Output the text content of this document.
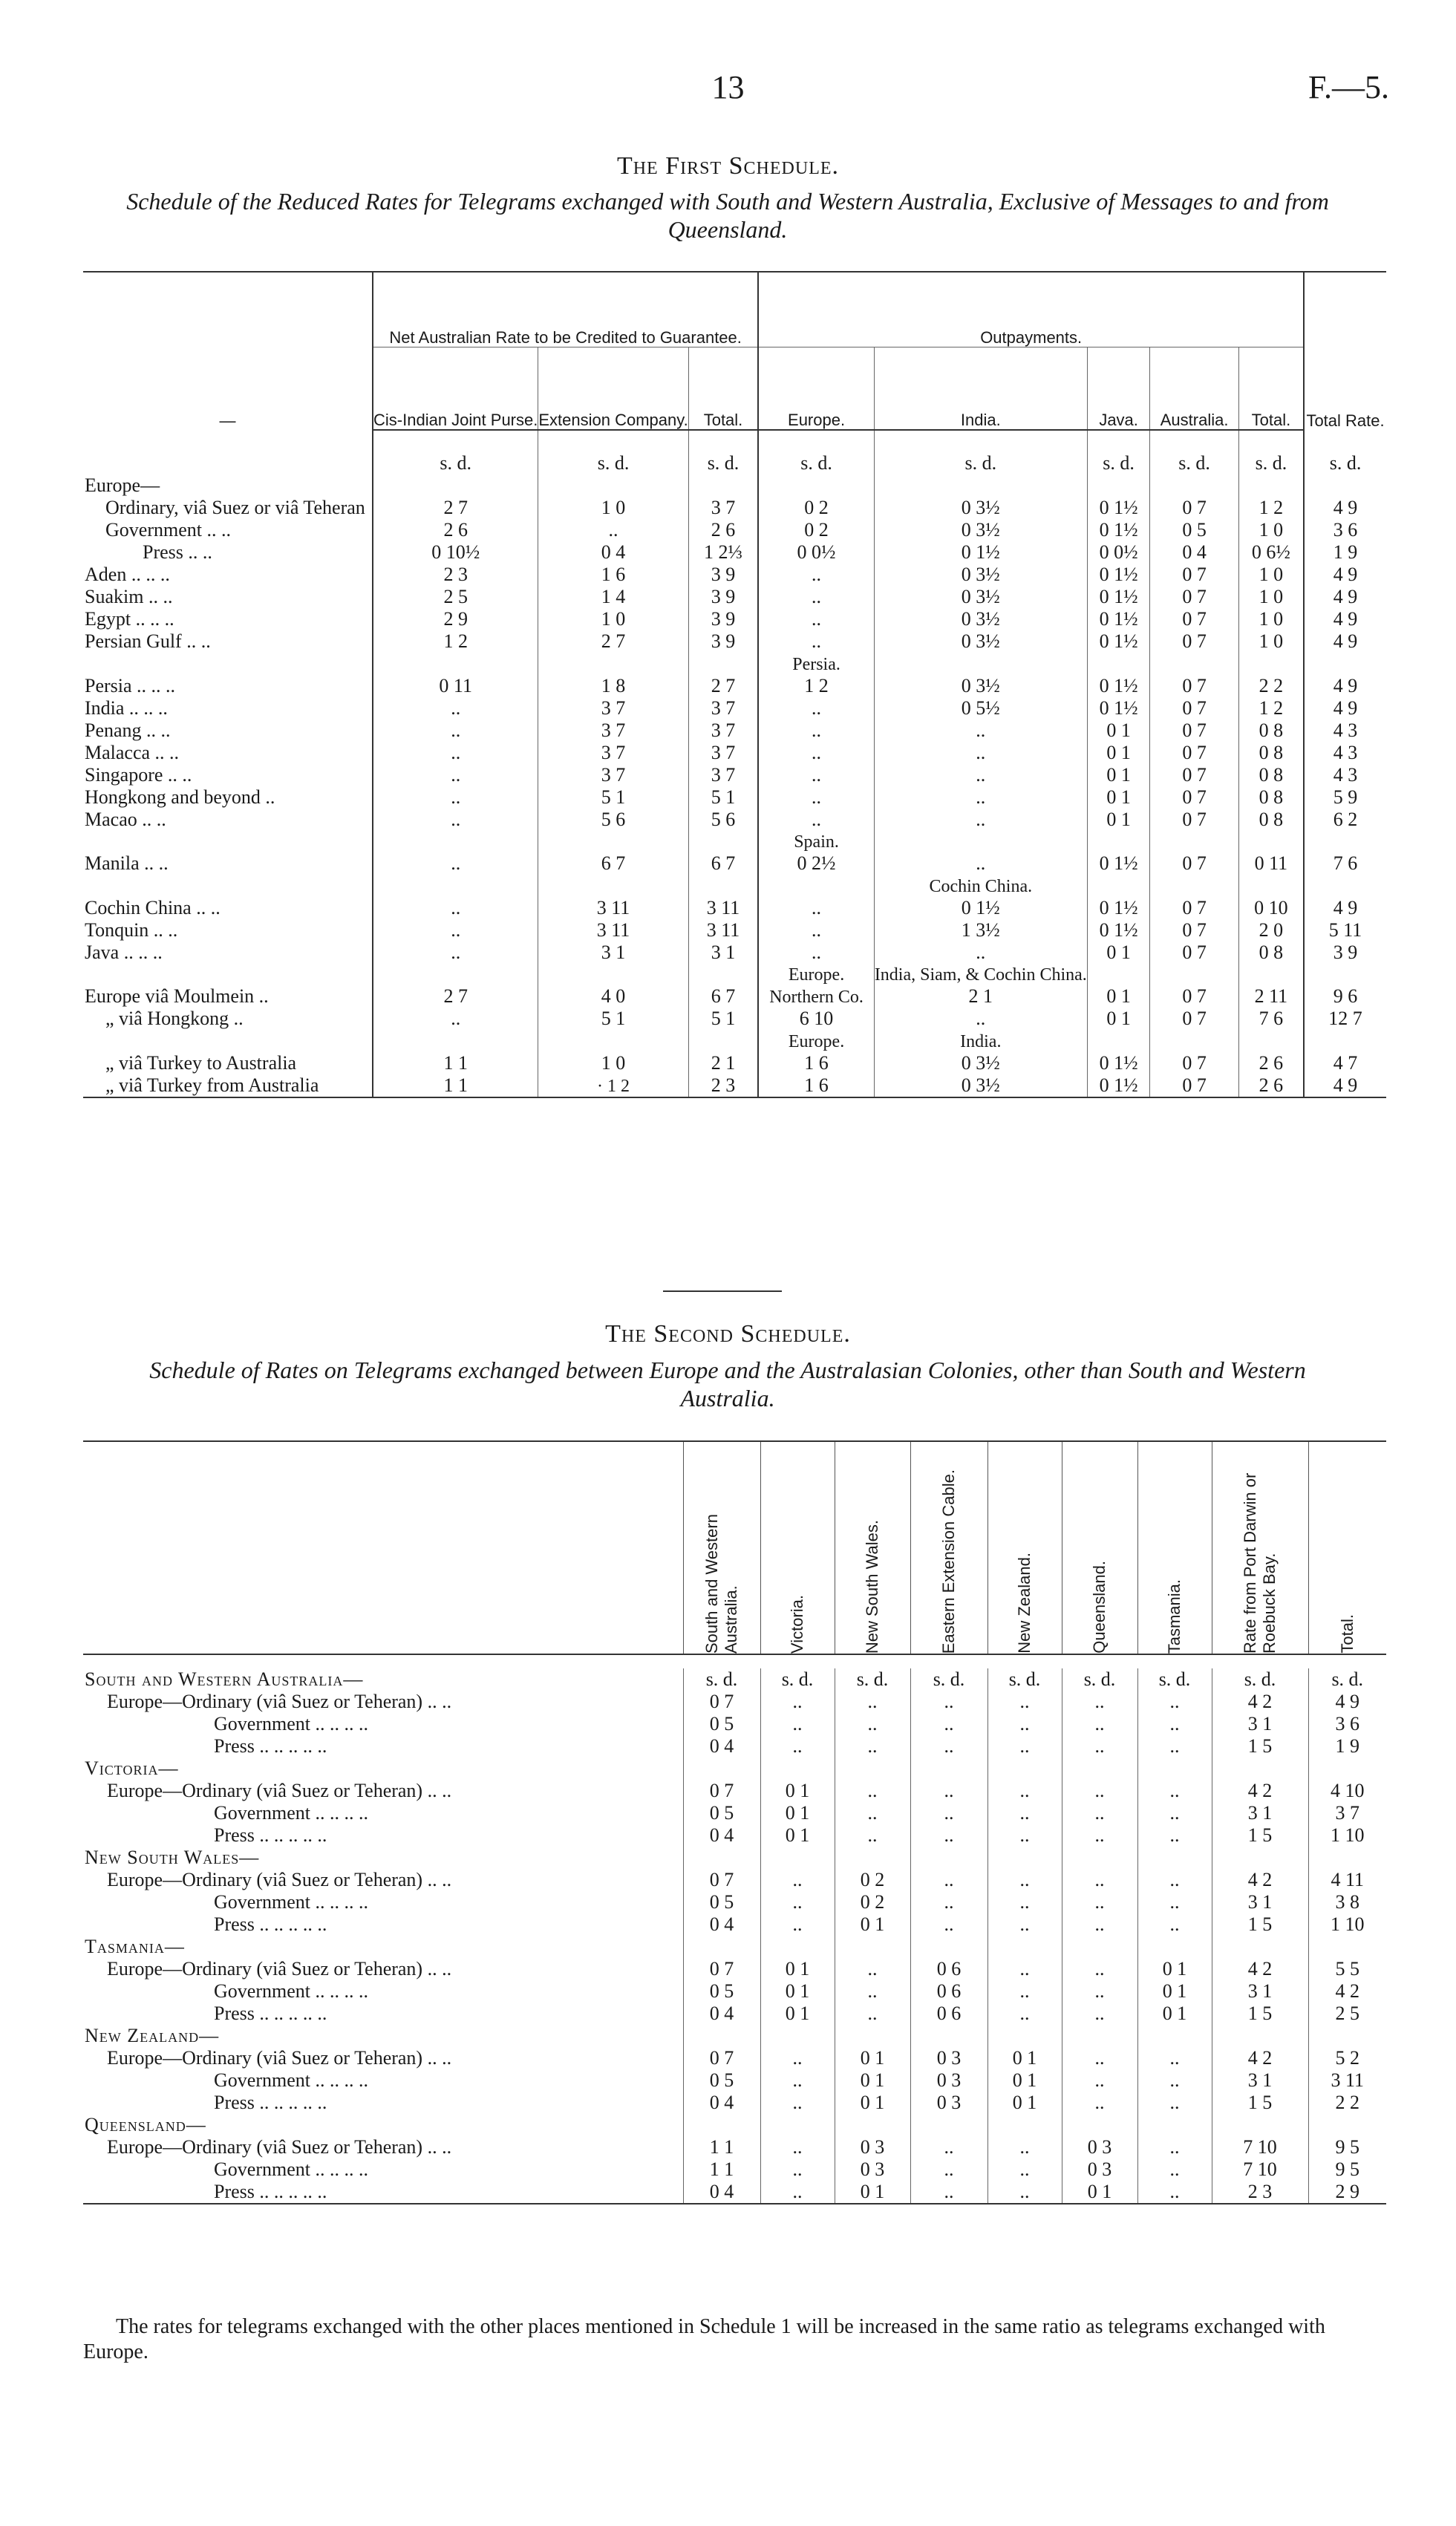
13	F.—5.
The First Schedule.
Schedule of the Reduced Rates for Telegrams exchanged with South and Western Australia, Exclusive of Messages to and from Queensland.
—	Net Australian Rate to be Credited to Guarantee.			Outpayments.					Total Rate.
	Cis-Indian Joint Purse.	Extension Company.	Total.	Europe.	India.	Java.	Australia.	Total.	
	s. d.	s. d.	s. d.	s. d.	s. d.	s. d.	s. d.	s. d.	s. d.
Europe—									
Ordinary, viâ Suez or viâ Teheran	2 7	1 0	3 7	0 2	0 3½	0 1½	0 7	1 2	4 9
Government .. ..	2 6	..	2 6	0 2	0 3½	0 1½	0 5	1 0	3 6
Press .. ..	0 10½	0 4	1 2⅓	0 0½	0 1½	0 0½	0 4	0 6½	1 9
Aden .. .. ..	2 3	1 6	3 9	..	0 3½	0 1½	0 7	1 0	4 9
Suakim .. ..	2 5	1 4	3 9	..	0 3½	0 1½	0 7	1 0	4 9
Egypt .. .. ..	2 9	1 0	3 9	..	0 3½	0 1½	0 7	1 0	4 9
Persian Gulf .. ..	1 2	2 7	3 9	..	0 3½	0 1½	0 7	1 0	4 9
				Persia.					
Persia .. .. ..	0 11	1 8	2 7	1 2	0 3½	0 1½	0 7	2 2	4 9
India .. .. ..	..	3 7	3 7	..	0 5½	0 1½	0 7	1 2	4 9
Penang .. ..	..	3 7	3 7	..	..	0 1	0 7	0 8	4 3
Malacca .. ..	..	3 7	3 7	..	..	0 1	0 7	0 8	4 3
Singapore .. ..	..	3 7	3 7	..	..	0 1	0 7	0 8	4 3
Hongkong and beyond ..	..	5 1	5 1	..	..	0 1	0 7	0 8	5 9
Macao .. ..	..	5 6	5 6	..	..	0 1	0 7	0 8	6 2
				Spain.					
Manila .. ..	..	6 7	6 7	0 2½	..	0 1½	0 7	0 11	7 6
					Cochin China.				
Cochin China .. ..	..	3 11	3 11	..	0 1½	0 1½	0 7	0 10	4 9
Tonquin .. ..	..	3 11	3 11	..	1 3½	0 1½	0 7	2 0	5 11
Java .. .. ..	..	3 1	3 1	..	..	0 1	0 7	0 8	3 9
				Europe.	India, Siam, & Cochin China.				
Europe viâ Moulmein ..	2 7	4 0	6 7	Northern Co.	2 1	0 1	0 7	2 11	9 6
„ viâ Hongkong ..	..	5 1	5 1	6 10	..	0 1	0 7	7 6	12 7
				Europe.	India.				
„ viâ Turkey to Australia	1 1	1 0	2 1	1 6	0 3½	0 1½	0 7	2 6	4 7
„ viâ Turkey from Australia	1 1	· 1 2	2 3	1 6	0 3½	0 1½	0 7	2 6	4 9
The Second Schedule.
Schedule of Rates on Telegrams exchanged between Europe and the Australasian Colonies, other than South and Western Australia.

	South and Western Australia.	Victoria.	New South Wales.	Eastern Extension Cable.	New Zealand.	Queensland.	Tasmania.	Rate from Port Darwin or Roebuck Bay.	Total.

South and Western Australia—	s. d.	s. d.	s. d.	s. d.	s. d.	s. d.	s. d.	s. d.	s. d.
Europe—Ordinary (viâ Suez or Teheran) .. ..	0 7	..	..	..	..	..	..	4 2	4 9
Government .. .. .. ..	0 5	..	..	..	..	..	..	3 1	3 6
Press .. .. .. .. ..	0 4	..	..	..	..	..	..	1 5	1 9
Victoria—									
Europe—Ordinary (viâ Suez or Teheran) .. ..	0 7	0 1	..	..	..	..	..	4 2	4 10
Government .. .. .. ..	0 5	0 1	..	..	..	..	..	3 1	3 7
Press .. .. .. .. ..	0 4	0 1	..	..	..	..	..	1 5	1 10
New South Wales—									
Europe—Ordinary (viâ Suez or Teheran) .. ..	0 7	..	0 2	..	..	..	..	4 2	4 11
Government .. .. .. ..	0 5	..	0 2	..	..	..	..	3 1	3 8
Press .. .. .. .. ..	0 4	..	0 1	..	..	..	..	1 5	1 10
Tasmania—									
Europe—Ordinary (viâ Suez or Teheran) .. ..	0 7	0 1	..	0 6	..	..	0 1	4 2	5 5
Government .. .. .. ..	0 5	0 1	..	0 6	..	..	0 1	3 1	4 2
Press .. .. .. .. ..	0 4	0 1	..	0 6	..	..	0 1	1 5	2 5
New Zealand—									
Europe—Ordinary (viâ Suez or Teheran) .. ..	0 7	..	0 1	0 3	0 1	..	..	4 2	5 2
Government .. .. .. ..	0 5	..	0 1	0 3	0 1	..	..	3 1	3 11
Press .. .. .. .. ..	0 4	..	0 1	0 3	0 1	..	..	1 5	2 2
Queensland—									
Europe—Ordinary (viâ Suez or Teheran) .. ..	1 1	..	0 3	..	..	0 3	..	7 10	9 5
Government .. .. .. ..	1 1	..	0 3	..	..	0 3	..	7 10	9 5
Press .. .. .. .. ..	0 4	..	0 1	..	..	0 1	..	2 3	2 9
The rates for telegrams exchanged with the other places mentioned in Schedule 1 will be increased in the same ratio as telegrams exchanged with Europe.
